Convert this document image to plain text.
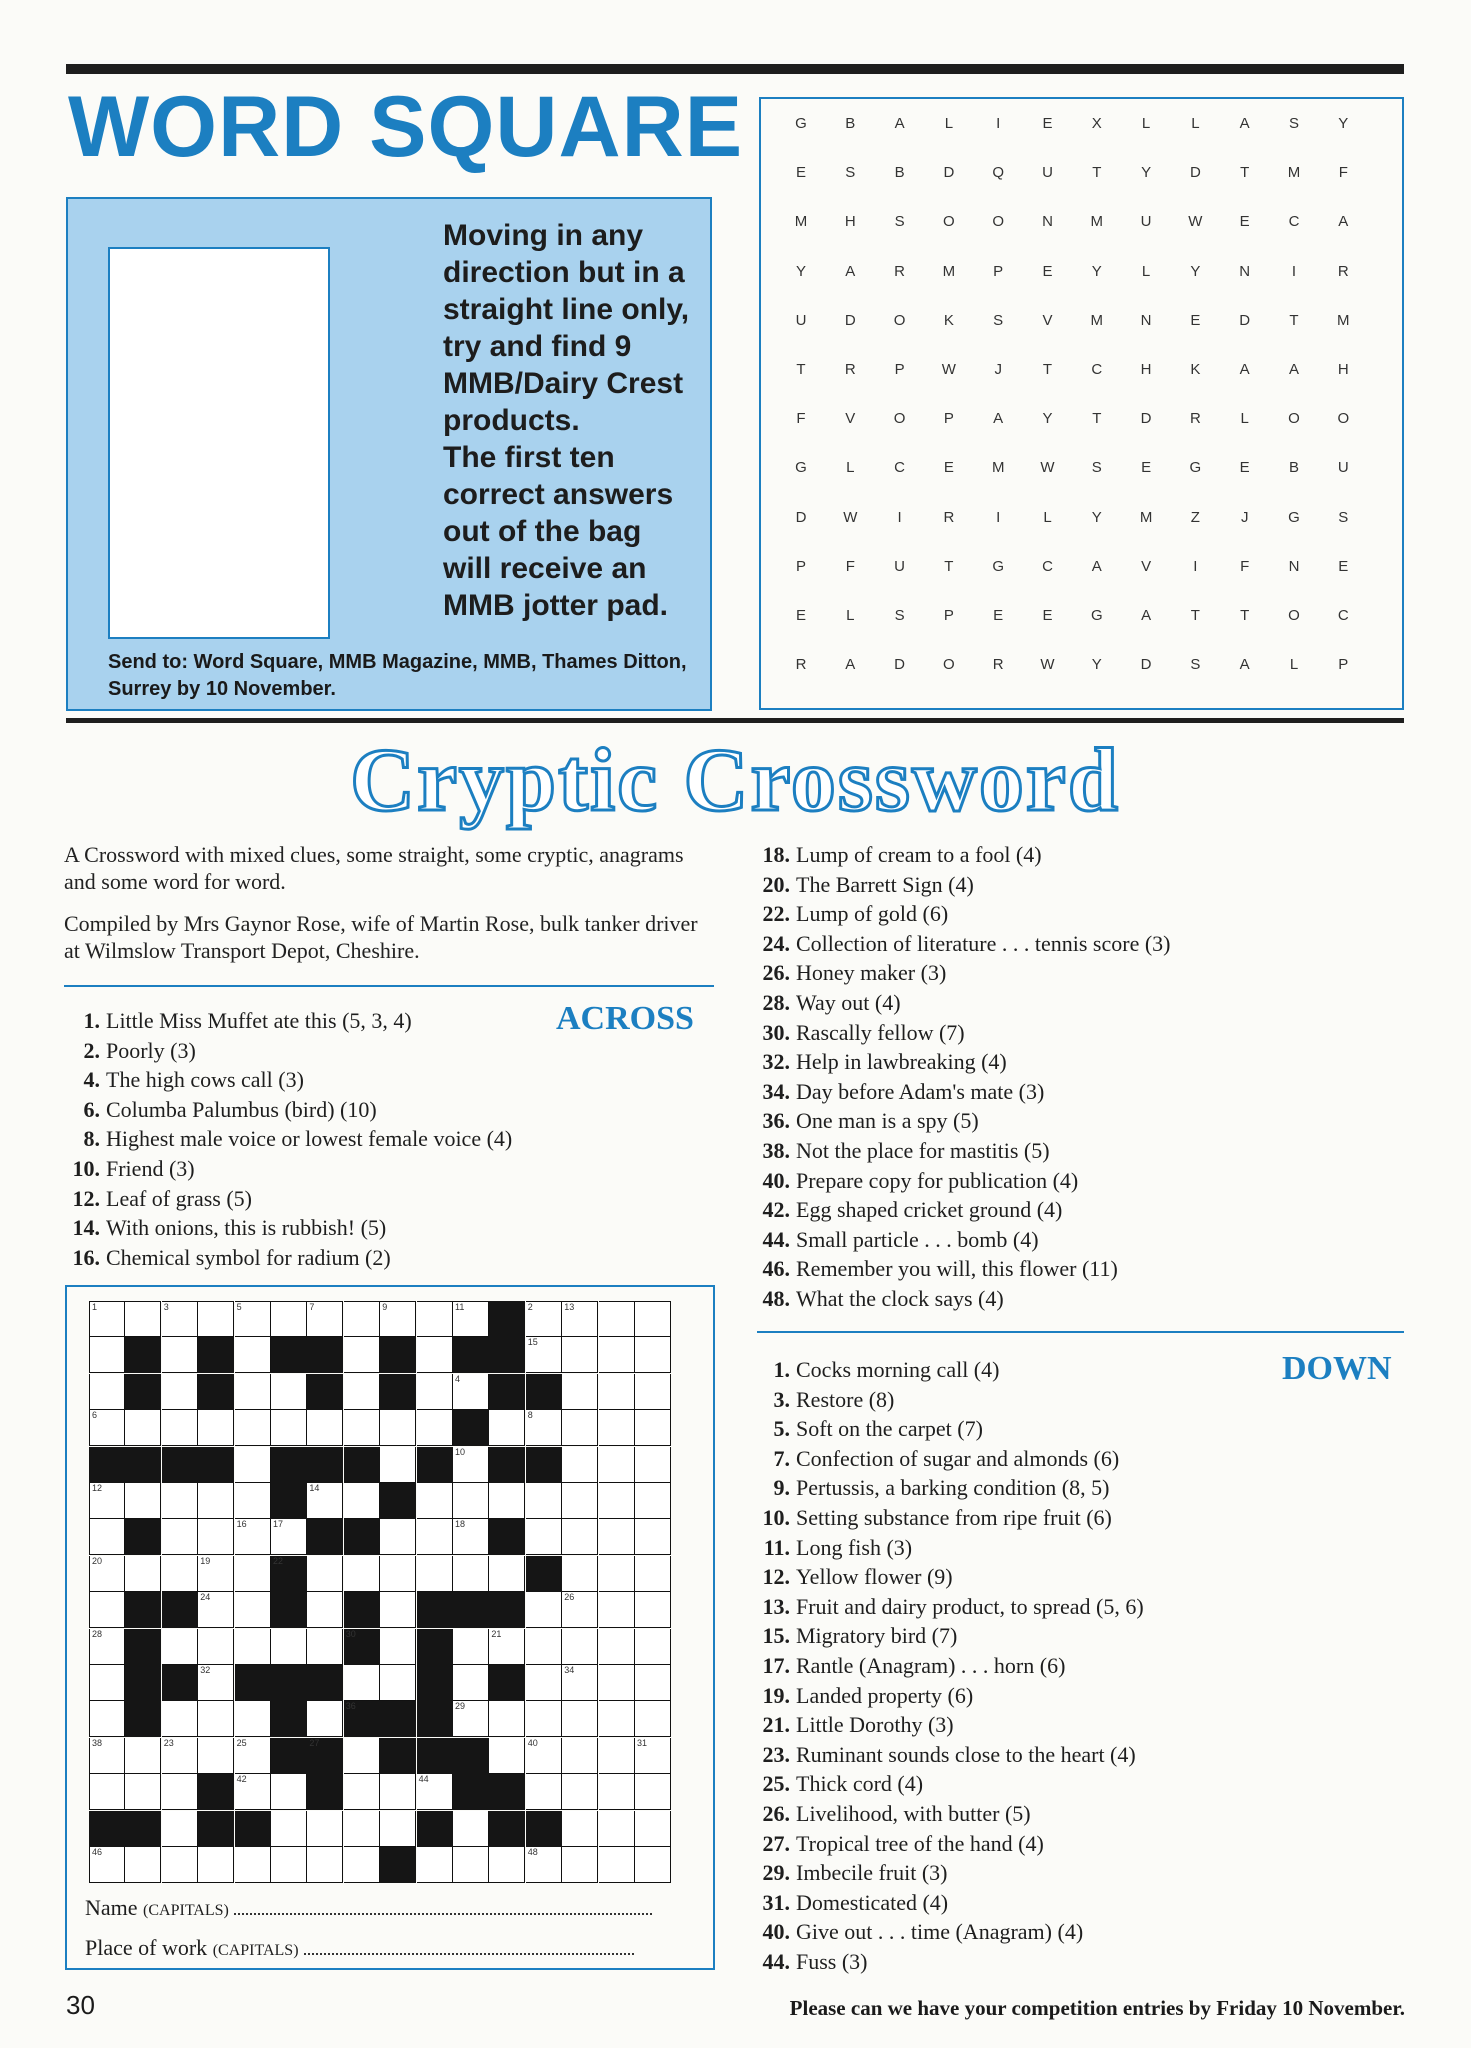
WORD SQUARE

Moving in any direction but in a straight line only, try and find 9 MMB/Dairy Crest products.

The first ten correct answers out of the bag will receive an MMB jotter pad.

Send to: Word Square, MMB Magazine, MMB, Thames Ditton, Surrey by 10 November.
G	B	A	L	I	E	X	L	L	A	S	Y
E	S	B	D	Q	U	T	Y	D	T	M	F
M	H	S	O	O	N	M	U	W	E	C	A
Y	A	R	M	P	E	Y	L	Y	N	I	R
U	D	O	K	S	V	M	N	E	D	T	M
T	R	P	W	J	T	C	H	K	A	A	H
F	V	O	P	A	Y	T	D	R	L	O	O
G	L	C	E	M	W	S	E	G	E	B	U
D	W	I	R	I	L	Y	M	Z	J	G	S
P	F	U	T	G	C	A	V	I	F	N	E
E	L	S	P	E	E	G	A	T	T	O	C
R	A	D	O	R	W	Y	D	S	A	L	P
Cryptic Crossword
A Crossword with mixed clues, some straight, some cryptic, anagrams and some word for word.
Compiled by Mrs Gaynor Rose, wife of Martin Rose, bulk tanker driver at Wilmslow Transport Depot, Cheshire.
ACROSS
1. Little Miss Muffet ate this (5, 3, 4)
2. Poorly (3)
4. The high cows call (3)
6. Columba Palumbus (bird) (10)
8. Highest male voice or lowest female voice (4)
10. Friend (3)
12. Leaf of grass (5)
14. With onions, this is rubbish! (5)
16. Chemical symbol for radium (2)
18. Lump of cream to a fool (4)
20. The Barrett Sign (4)
22. Lump of gold (6)
24. Collection of literature . . . tennis score (3)
26. Honey maker (3)
28. Way out (4)
30. Rascally fellow (7)
32. Help in lawbreaking (4)
34. Day before Adam's mate (3)
36. One man is a spy (5)
38. Not the place for mastitis (5)
40. Prepare copy for publication (4)
42. Egg shaped cricket ground (4)
44. Small particle . . . bomb (4)
46. Remember you will, this flower (11)
48. What the clock says (4)
DOWN
1. Cocks morning call (4)
3. Restore (8)
5. Soft on the carpet (7)
7. Confection of sugar and almonds (6)
9. Pertussis, a barking condition (8, 5)
10. Setting substance from ripe fruit (6)
11. Long fish (3)
12. Yellow flower (9)
13. Fruit and dairy product, to spread (5, 6)
15. Migratory bird (7)
17. Rantle (Anagram) . . . horn (6)
19. Landed property (6)
21. Little Dorothy (3)
23. Ruminant sounds close to the heart (4)
25. Thick cord (4)
26. Livelihood, with butter (5)
27. Tropical tree of the hand (4)
29. Imbecile fruit (3)
31. Domesticated (4)
40. Give out . . . time (Anagram) (4)
44. Fuss (3)
1	3	5	7	9	11	2	13
15
4
6	8
10
12	14
16	17	18
20	19	22
24	26
28	30	21
32	34
36	29
38	23	25	27	40	31
42	44
46	48
Name (CAPITALS)
Place of work (CAPITALS)
30	Please can we have your competition entries by Friday 10 November.
